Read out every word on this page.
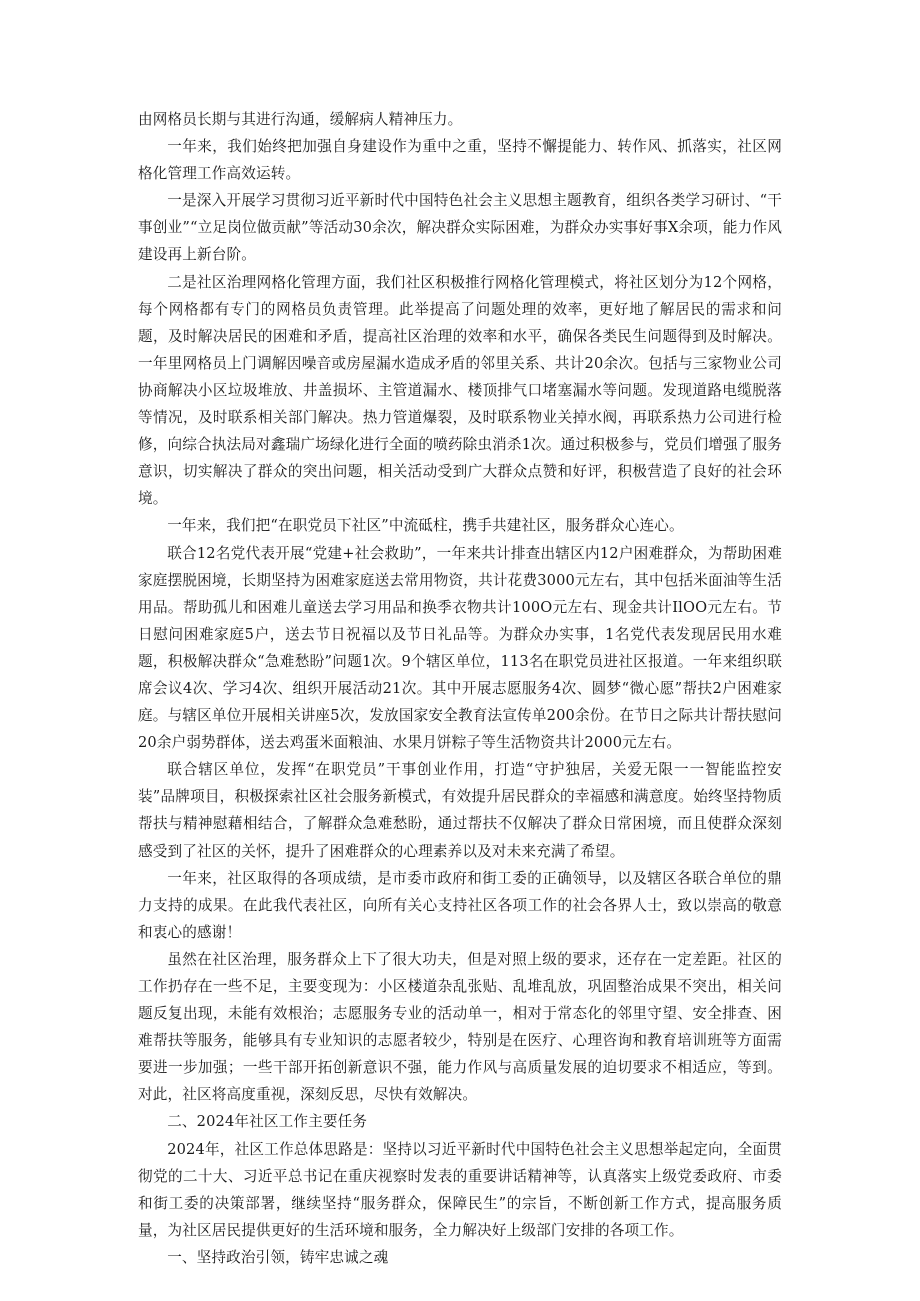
由网格员长期与其进行沟通，缓解病人精神压力。

一年来，我们始终把加强自身建设作为重中之重，坚持不懈提能力、转作风、抓落实，社区网格化管理工作高效运转。

一是深入开展学习贯彻习近平新时代中国特色社会主义思想主题教育，组织各类学习研讨、“干事创业”“立足岗位做贡献”等活动30余次，解决群众实际困难，为群众办实事好事X余项，能力作风建设再上新台阶。

二是社区治理网格化管理方面，我们社区积极推行网格化管理模式，将社区划分为12个网格，每个网格都有专门的网格员负责管理。此举提高了问题处理的效率，更好地了解居民的需求和问题，及时解决居民的困难和矛盾，提高社区治理的效率和水平，确保各类民生问题得到及时解决。一年里网格员上门调解因噪音或房屋漏水造成矛盾的邻里关系、共计20余次。包括与三家物业公司协商解决小区垃圾堆放、井盖损坏、主管道漏水、楼顶排气口堵塞漏水等问题。发现道路电缆脱落等情况，及时联系相关部门解决。热力管道爆裂，及时联系物业关掉水阀，再联系热力公司进行检修，向综合执法局对鑫瑞广场绿化进行全面的喷药除虫消杀1次。通过积极参与，党员们增强了服务意识，切实解决了群众的突出问题，相关活动受到广大群众点赞和好评，积极营造了良好的社会环境。

一年来，我们把“在职党员下社区”中流砥柱，携手共建社区，服务群众心连心。

联合12名党代表开展“党建+社会救助”，一年来共计排查出辖区内12户困难群众，为帮助困难家庭摆脱困境，长期坚持为困难家庭送去常用物资，共计花费3000元左右，其中包括米面油等生活用品。帮助孤儿和困难儿童送去学习用品和换季衣物共计100O元左右、现金共计IlOO元左右。节日慰问困难家庭5户，送去节日祝福以及节日礼品等。为群众办实事，1名党代表发现居民用水难题，积极解决群众“急难愁盼”问题1次。9个辖区单位，113名在职党员进社区报道。一年来组织联席会议4次、学习4次、组织开展活动21次。其中开展志愿服务4次、圆梦“微心愿”帮扶2户困难家庭。与辖区单位开展相关讲座5次，发放国家安全教育法宣传单200余份。在节日之际共计帮扶慰问20余户弱势群体，送去鸡蛋米面粮油、水果月饼粽子等生活物资共计2000元左右。

联合辖区单位，发挥“在职党员”干事创业作用，打造“守护独居，关爱无限一一智能监控安装”品牌项目，积极探索社区社会服务新模式，有效提升居民群众的幸福感和满意度。始终坚持物质帮扶与精神慰藉相结合，了解群众急难愁盼，通过帮扶不仅解决了群众日常困境，而且使群众深刻感受到了社区的关怀，提升了困难群众的心理素养以及对未来充满了希望。

一年来，社区取得的各项成绩，是市委市政府和街工委的正确领导，以及辖区各联合单位的鼎力支持的成果。在此我代表社区，向所有关心支持社区各项工作的社会各界人士，致以崇高的敬意和衷心的感谢！

虽然在社区治理，服务群众上下了很大功夫，但是对照上级的要求，还存在一定差距。社区的工作扔存在一些不足，主要变现为：小区楼道杂乱张贴、乱堆乱放，巩固整治成果不突出，相关问题反复出现，未能有效根治；志愿服务专业的活动单一，相对于常态化的邻里守望、安全排查、困难帮扶等服务，能够具有专业知识的志愿者较少，特别是在医疗、心理咨询和教育培训班等方面需要进一步加强；一些干部开拓创新意识不强，能力作风与高质量发展的迫切要求不相适应，等到。对此，社区将高度重视，深刻反思，尽快有效解决。

二、2024年社区工作主要任务

2024年，社区工作总体思路是：坚持以习近平新时代中国特色社会主义思想举起定向，全面贯彻党的二十大、习近平总书记在重庆视察时发表的重要讲话精神等，认真落实上级党委政府、市委和街工委的决策部署，继续坚持“服务群众，保障民生”的宗旨，不断创新工作方式，提高服务质量，为社区居民提供更好的生活环境和服务，全力解决好上级部门安排的各项工作。

一、坚持政治引领，铸牢忠诚之魂
